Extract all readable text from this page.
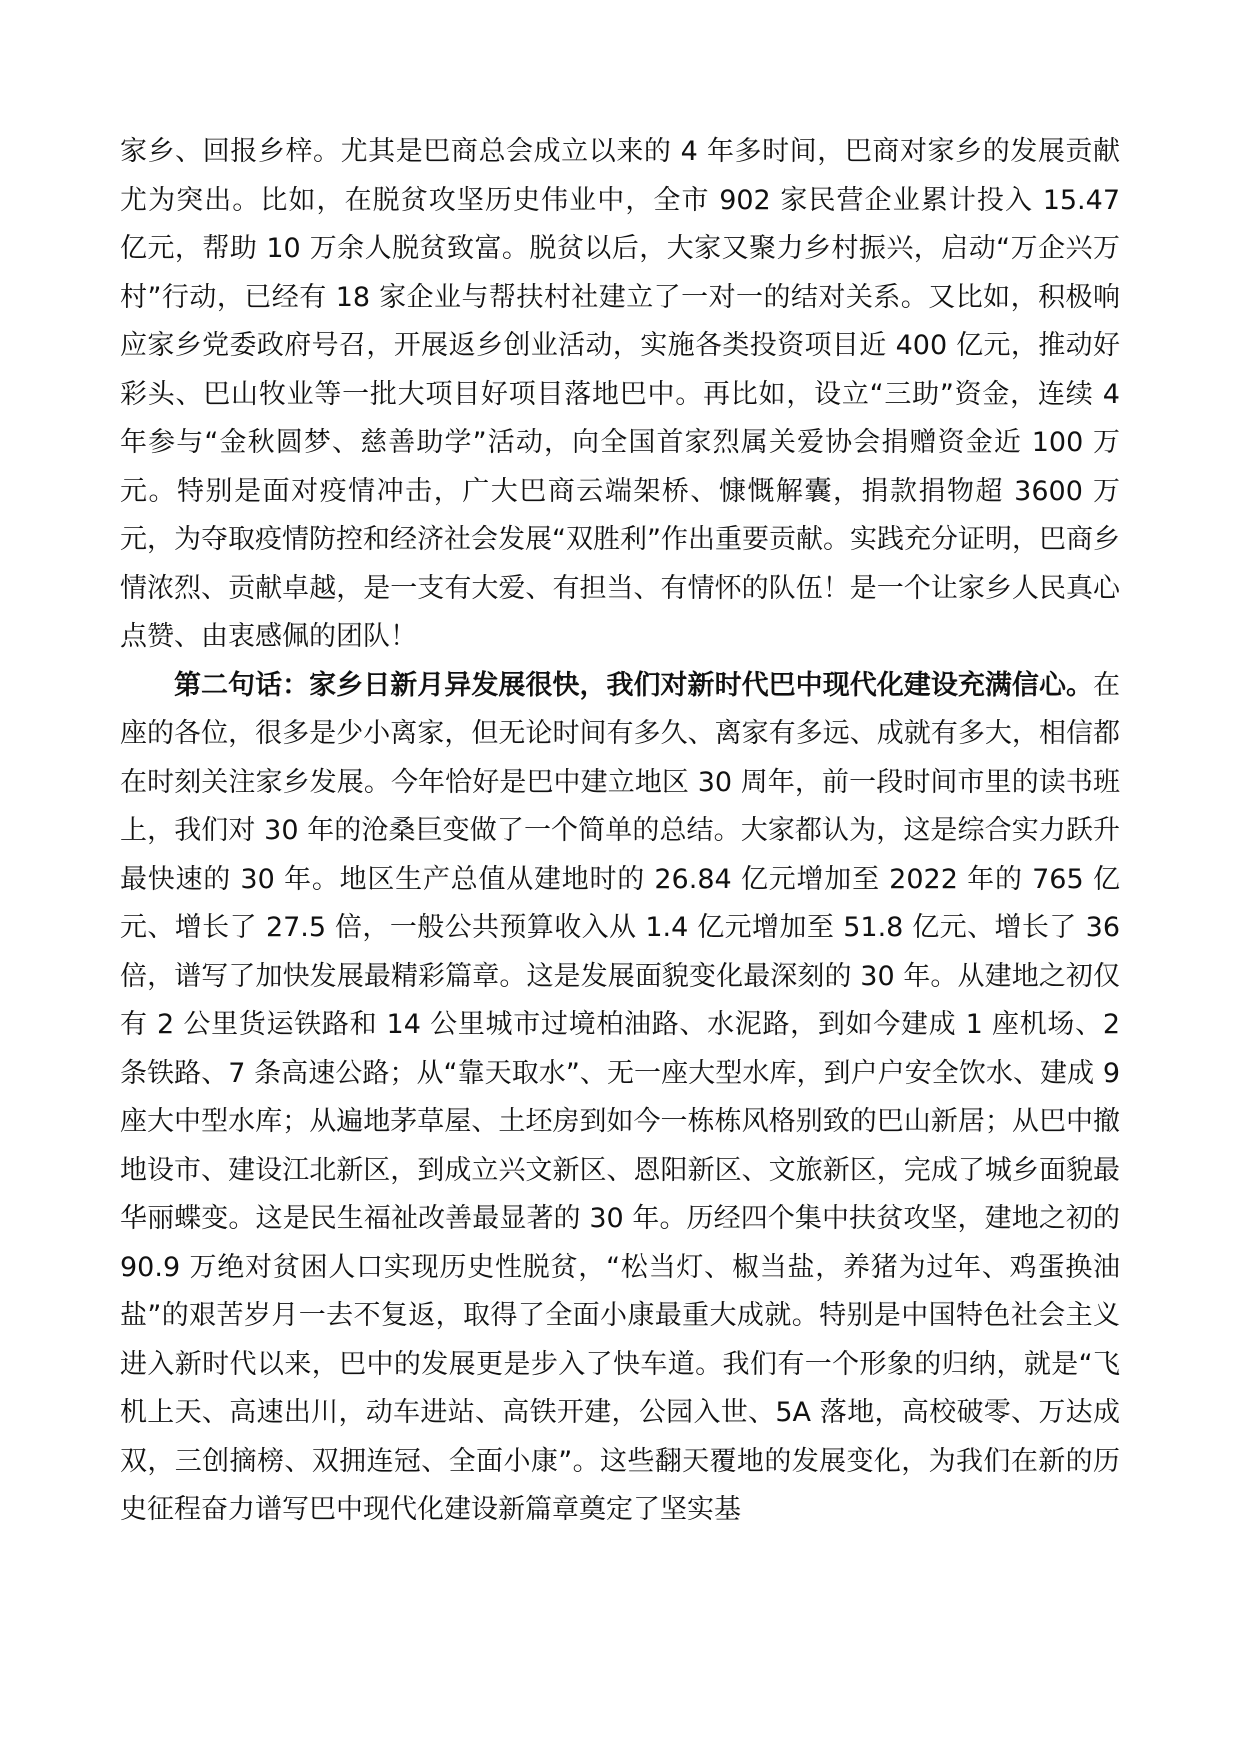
家乡、回报乡梓。尤其是巴商总会成立以来的 4 年多时间，巴商对家乡的发展贡献尤为突出。比如，在脱贫攻坚历史伟业中，全市 902 家民营企业累计投入 15.47 亿元，帮助 10 万余人脱贫致富。脱贫以后，大家又聚力乡村振兴，启动“万企兴万村”行动，已经有 18 家企业与帮扶村社建立了一对一的结对关系。又比如，积极响应家乡党委政府号召，开展返乡创业活动，实施各类投资项目近 400 亿元，推动好彩头、巴山牧业等一批大项目好项目落地巴中。再比如，设立“三助”资金，连续 4 年参与“金秋圆梦、慈善助学”活动，向全国首家烈属关爱协会捐赠资金近 100 万元。特别是面对疫情冲击，广大巴商云端架桥、慷慨解囊，捐款捐物超 3600 万元，为夺取疫情防控和经济社会发展“双胜利”作出重要贡献。实践充分证明，巴商乡情浓烈、贡献卓越，是一支有大爱、有担当、有情怀的队伍！是一个让家乡人民真心点赞、由衷感佩的团队！

第二句话：家乡日新月异发展很快，我们对新时代巴中现代化建设充满信心。在座的各位，很多是少小离家，但无论时间有多久、离家有多远、成就有多大，相信都在时刻关注家乡发展。今年恰好是巴中建立地区 30 周年，前一段时间市里的读书班上，我们对 30 年的沧桑巨变做了一个简单的总结。大家都认为，这是综合实力跃升最快速的 30 年。地区生产总值从建地时的 26.84 亿元增加至 2022 年的 765 亿元、增长了 27.5 倍，一般公共预算收入从 1.4 亿元增加至 51.8 亿元、增长了 36 倍，谱写了加快发展最精彩篇章。这是发展面貌变化最深刻的 30 年。从建地之初仅有 2 公里货运铁路和 14 公里城市过境柏油路、水泥路，到如今建成 1 座机场、2 条铁路、7 条高速公路；从“靠天取水”、无一座大型水库，到户户安全饮水、建成 9 座大中型水库；从遍地茅草屋、土坯房到如今一栋栋风格别致的巴山新居；从巴中撤地设市、建设江北新区，到成立兴文新区、恩阳新区、文旅新区，完成了城乡面貌最华丽蝶变。这是民生福祉改善最显著的 30 年。历经四个集中扶贫攻坚，建地之初的 90.9 万绝对贫困人口实现历史性脱贫，“松当灯、椒当盐，养猪为过年、鸡蛋换油盐”的艰苦岁月一去不复返，取得了全面小康最重大成就。特别是中国特色社会主义进入新时代以来，巴中的发展更是步入了快车道。我们有一个形象的归纳，就是“飞机上天、高速出川，动车进站、高铁开建，公园入世、5A 落地，高校破零、万达成双，三创摘榜、双拥连冠、全面小康”。这些翻天覆地的发展变化，为我们在新的历史征程奋力谱写巴中现代化建设新篇章奠定了坚实基
